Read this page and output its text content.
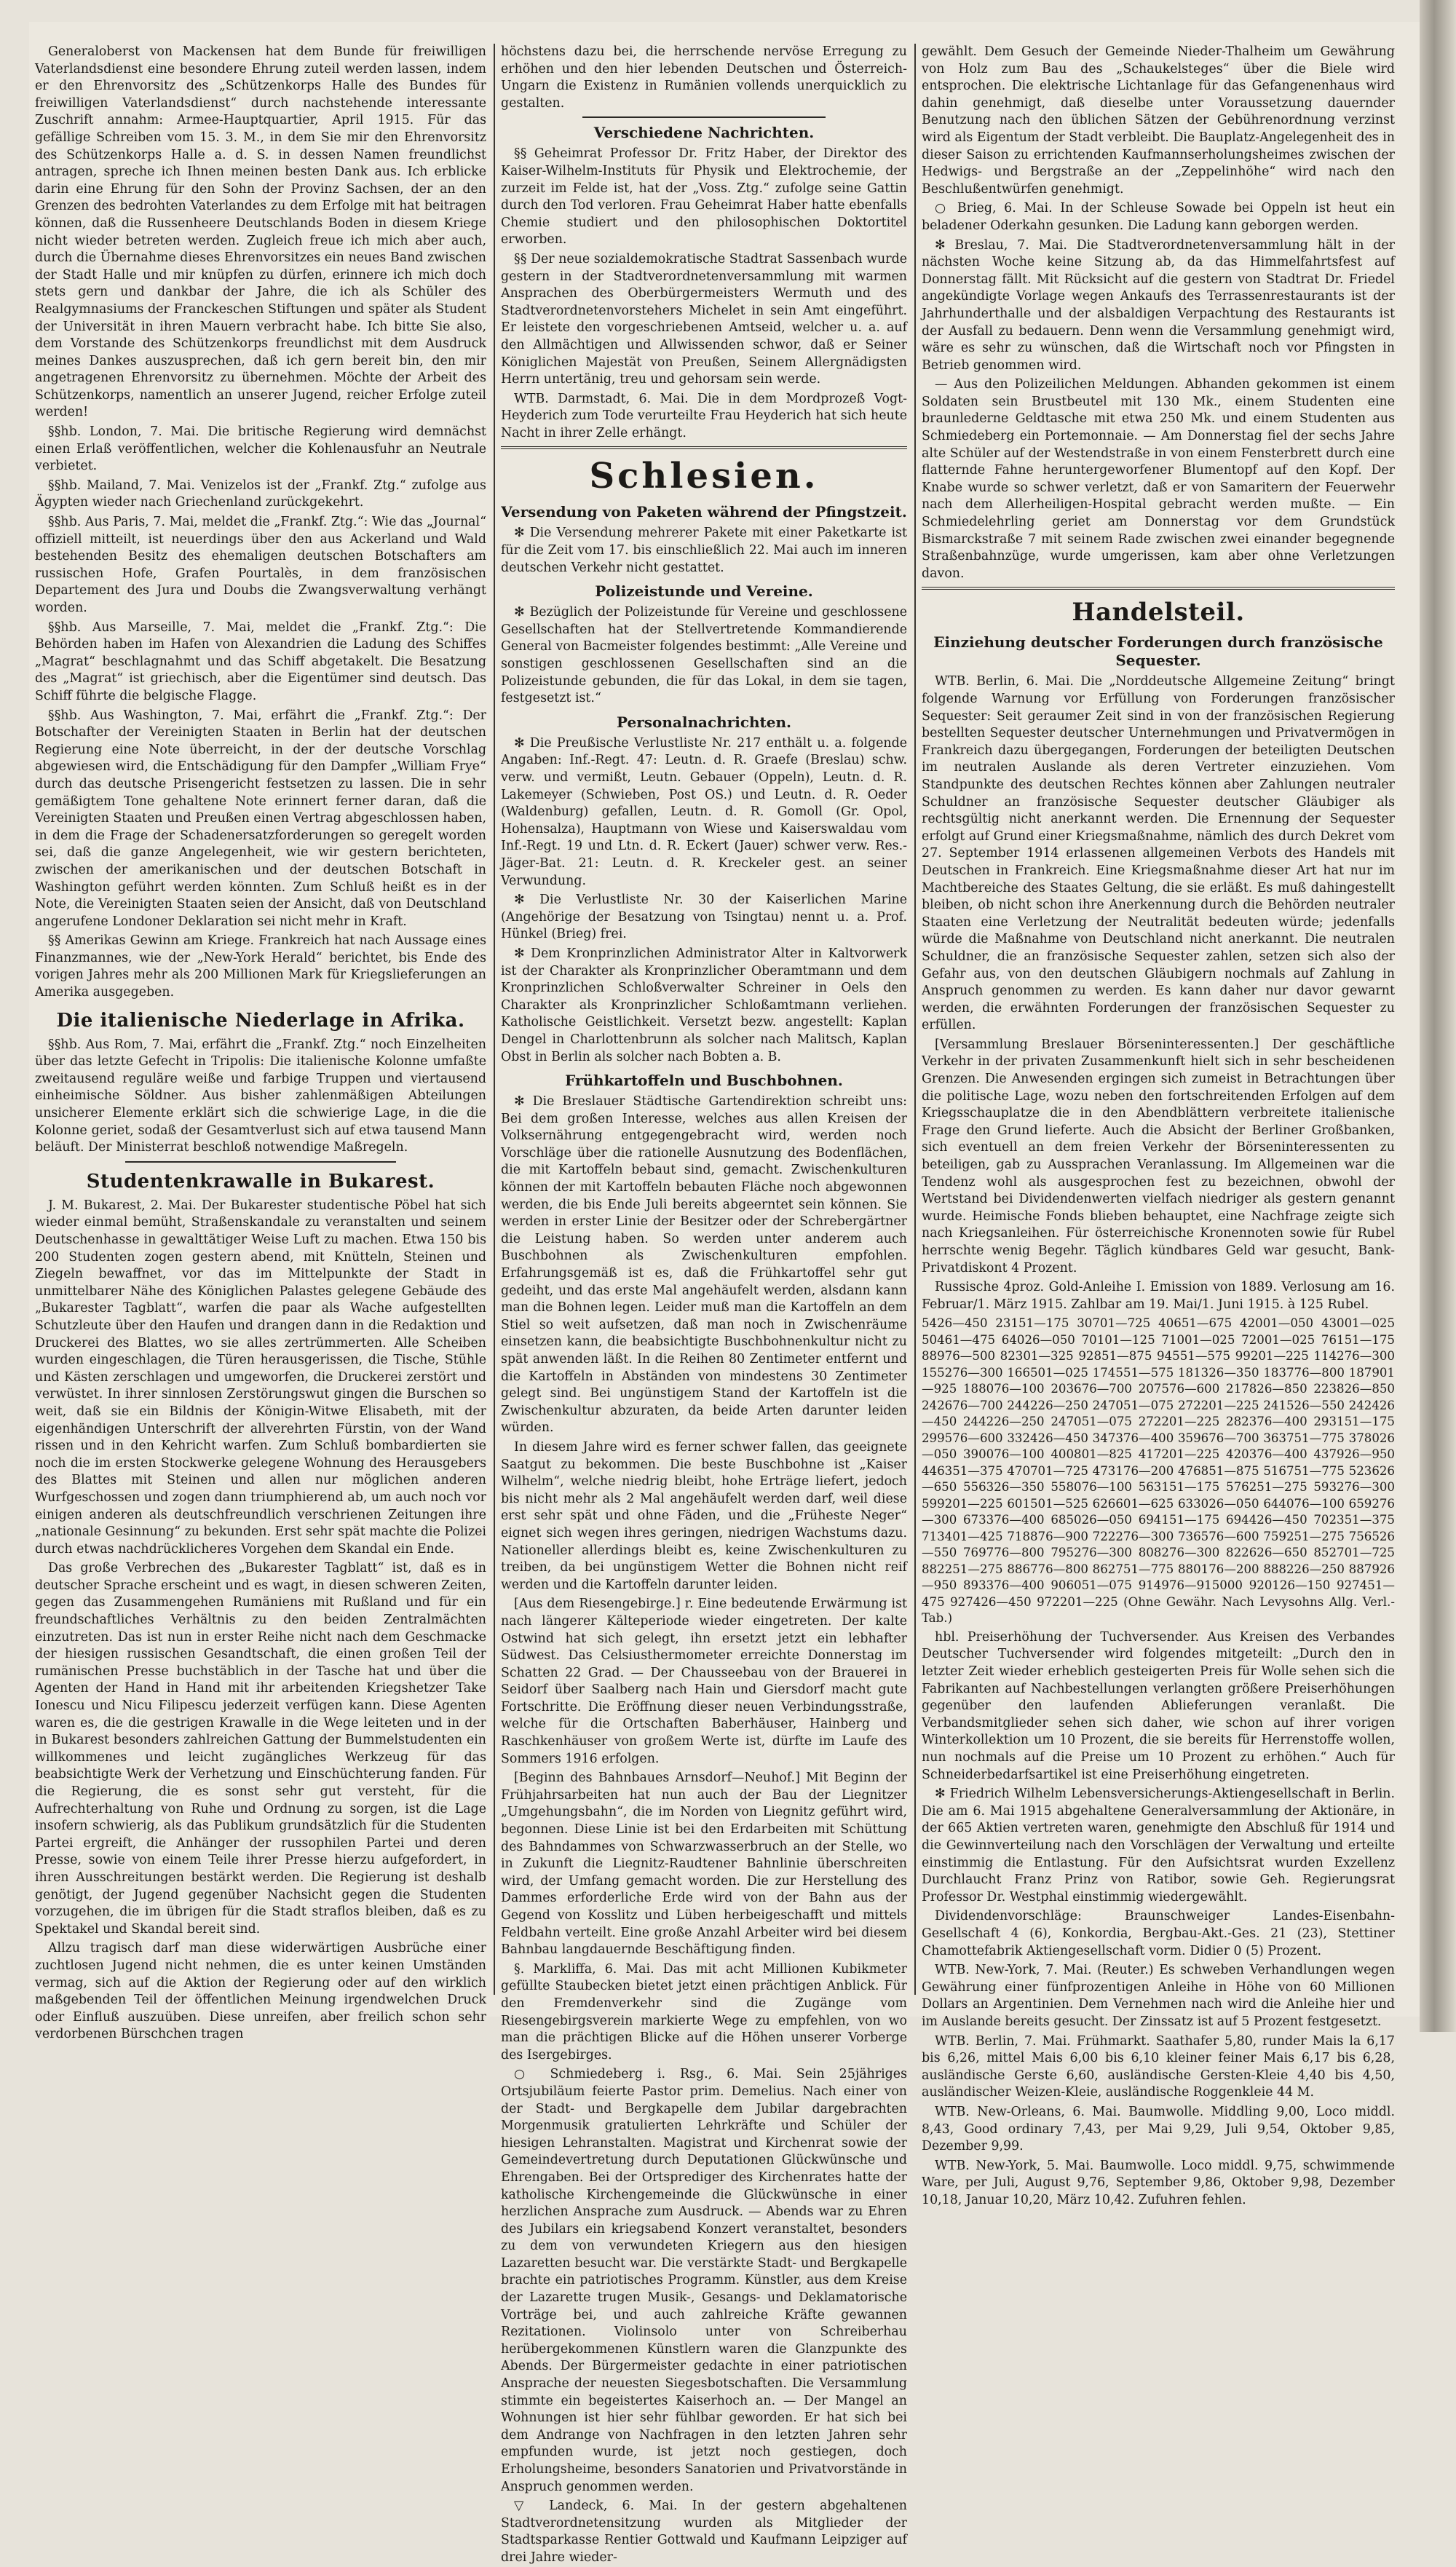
Generaloberst von Mackensen hat dem Bunde für freiwilligen Vaterlandsdienst eine besondere Ehrung zuteil werden lassen, indem er den Ehrenvorsitz des „Schützenkorps Halle des Bundes für freiwilligen Vaterlandsdienst“ durch nachstehende interessante Zuschrift annahm: Armee-Hauptquartier, April 1915. Für das gefällige Schreiben vom 15. 3. M., in dem Sie mir den Ehrenvorsitz des Schützenkorps Halle a. d. S. in dessen Namen freundlichst antragen, spreche ich Ihnen meinen besten Dank aus. Ich erblicke darin eine Ehrung für den Sohn der Provinz Sachsen, der an den Grenzen des bedrohten Vaterlandes zu dem Erfolge mit hat beitragen können, daß die Russenheere Deutschlands Boden in diesem Kriege nicht wieder betreten werden. Zugleich freue ich mich aber auch, durch die Übernahme dieses Ehrenvorsitzes ein neues Band zwischen der Stadt Halle und mir knüpfen zu dürfen, erinnere ich mich doch stets gern und dankbar der Jahre, die ich als Schüler des Realgymnasiums der Franckeschen Stiftungen und später als Student der Universität in ihren Mauern verbracht habe. Ich bitte Sie also, dem Vorstande des Schützenkorps freundlichst mit dem Ausdruck meines Dankes auszusprechen, daß ich gern bereit bin, den mir angetragenen Ehrenvorsitz zu übernehmen. Möchte der Arbeit des Schützenkorps, namentlich an unserer Jugend, reicher Erfolge zuteil werden!

§§hb. London, 7. Mai. Die britische Regierung wird demnächst einen Erlaß veröffentlichen, welcher die Kohlenausfuhr an Neutrale verbietet.

§§hb. Mailand, 7. Mai. Venizelos ist der „Frankf. Ztg.“ zufolge aus Ägypten wieder nach Griechenland zurückgekehrt.

§§hb. Aus Paris, 7. Mai, meldet die „Frankf. Ztg.“: Wie das „Journal“ offiziell mitteilt, ist neuerdings über den aus Ackerland und Wald bestehenden Besitz des ehemaligen deutschen Botschafters am russischen Hofe, Grafen Pourtalès, in dem französischen Departement des Jura und Doubs die Zwangsverwaltung verhängt worden.

§§hb. Aus Marseille, 7. Mai, meldet die „Frankf. Ztg.“: Die Behörden haben im Hafen von Alexandrien die Ladung des Schiffes „Magrat“ beschlagnahmt und das Schiff abgetakelt. Die Besatzung des „Magrat“ ist griechisch, aber die Eigentümer sind deutsch. Das Schiff führte die belgische Flagge.

§§hb. Aus Washington, 7. Mai, erfährt die „Frankf. Ztg.“: Der Botschafter der Vereinigten Staaten in Berlin hat der deutschen Regierung eine Note überreicht, in der der deutsche Vorschlag abgewiesen wird, die Entschädigung für den Dampfer „William Frye“ durch das deutsche Prisengericht festsetzen zu lassen. Die in sehr gemäßigtem Tone gehaltene Note erinnert ferner daran, daß die Vereinigten Staaten und Preußen einen Vertrag abgeschlossen haben, in dem die Frage der Schadenersatzforderungen so geregelt worden sei, daß die ganze Angelegenheit, wie wir gestern berichteten, zwischen der amerikanischen und der deutschen Botschaft in Washington geführt werden könnten. Zum Schluß heißt es in der Note, die Vereinigten Staaten seien der Ansicht, daß von Deutschland angerufene Londoner Deklaration sei nicht mehr in Kraft.

§§ Amerikas Gewinn am Kriege. Frankreich hat nach Aussage eines Finanzmannes, wie der „New-York Herald“ berichtet, bis Ende des vorigen Jahres mehr als 200 Millionen Mark für Kriegslieferungen an Amerika ausgegeben.

Die italienische Niederlage in Afrika.

§§hb. Aus Rom, 7. Mai, erfährt die „Frankf. Ztg.“ noch Einzelheiten über das letzte Gefecht in Tripolis: Die italienische Kolonne umfaßte zweitausend reguläre weiße und farbige Truppen und viertausend einheimische Söldner. Aus bisher zahlenmäßigen Abteilungen unsicherer Elemente erklärt sich die schwierige Lage, in die die Kolonne geriet, sodaß der Gesamtverlust sich auf etwa tausend Mann beläuft. Der Ministerrat beschloß notwendige Maßregeln.

Studentenkrawalle in Bukarest.

J. M. Bukarest, 2. Mai. Der Bukarester studentische Pöbel hat sich wieder einmal bemüht, Straßenskandale zu veranstalten und seinem Deutschenhasse in gewalttätiger Weise Luft zu machen. Etwa 150 bis 200 Studenten zogen gestern abend, mit Knütteln, Steinen und Ziegeln bewaffnet, vor das im Mittelpunkte der Stadt in unmittelbarer Nähe des Königlichen Palastes gelegene Gebäude des „Bukarester Tagblatt“, warfen die paar als Wache aufgestellten Schutzleute über den Haufen und drangen dann in die Redaktion und Druckerei des Blattes, wo sie alles zertrümmerten. Alle Scheiben wurden eingeschlagen, die Türen herausgerissen, die Tische, Stühle und Kästen zerschlagen und umgeworfen, die Druckerei zerstört und verwüstet. In ihrer sinnlosen Zerstörungswut gingen die Burschen so weit, daß sie ein Bildnis der Königin-Witwe Elisabeth, mit der eigenhändigen Unterschrift der allverehrten Fürstin, von der Wand rissen und in den Kehricht warfen. Zum Schluß bombardierten sie noch die im ersten Stockwerke gelegene Wohnung des Herausgebers des Blattes mit Steinen und allen nur möglichen anderen Wurfgeschossen und zogen dann triumphierend ab, um auch noch vor einigen anderen als deutschfreundlich verschrienen Zeitungen ihre „nationale Gesinnung“ zu bekunden. Erst sehr spät machte die Polizei durch etwas nachdrücklicheres Vorgehen dem Skandal ein Ende.

Das große Verbrechen des „Bukarester Tagblatt“ ist, daß es in deutscher Sprache erscheint und es wagt, in diesen schweren Zeiten, gegen das Zusammengehen Rumäniens mit Rußland und für ein freundschaftliches Verhältnis zu den beiden Zentralmächten einzutreten. Das ist nun in erster Reihe nicht nach dem Geschmacke der hiesigen russischen Gesandtschaft, die einen großen Teil der rumänischen Presse buchstäblich in der Tasche hat und über die Agenten der Hand in Hand mit ihr arbeitenden Kriegshetzer Take Ionescu und Nicu Filipescu jederzeit verfügen kann. Diese Agenten waren es, die die gestrigen Krawalle in die Wege leiteten und in der in Bukarest besonders zahlreichen Gattung der Bummelstudenten ein willkommenes und leicht zugängliches Werkzeug für das beabsichtigte Werk der Verhetzung und Einschüchterung fanden. Für die Regierung, die es sonst sehr gut versteht, für die Aufrechterhaltung von Ruhe und Ordnung zu sorgen, ist die Lage insofern schwierig, als das Publikum grundsätzlich für die Studenten Partei ergreift, die Anhänger der russophilen Partei und deren Presse, sowie von einem Teile ihrer Presse hierzu aufgefordert, in ihren Ausschreitungen bestärkt werden. Die Regierung ist deshalb genötigt, der Jugend gegenüber Nachsicht gegen die Studenten vorzugehen, die im übrigen für die Stadt straflos bleiben, daß es zu Spektakel und Skandal bereit sind.

Allzu tragisch darf man diese widerwärtigen Ausbrüche einer zuchtlosen Jugend nicht nehmen, die es unter keinen Umständen vermag, sich auf die Aktion der Regierung oder auf den wirklich maßgebenden Teil der öffentlichen Meinung irgendwelchen Druck oder Einfluß auszuüben. Diese unreifen, aber freilich schon sehr verdorbenen Bürschchen tragen

höchstens dazu bei, die herrschende nervöse Erregung zu erhöhen und den hier lebenden Deutschen und Österreich-Ungarn die Existenz in Rumänien vollends unerquicklich zu gestalten.

Verschiedene Nachrichten.

§§ Geheimrat Professor Dr. Fritz Haber, der Direktor des Kaiser-Wilhelm-Instituts für Physik und Elektrochemie, der zurzeit im Felde ist, hat der „Voss. Ztg.“ zufolge seine Gattin durch den Tod verloren. Frau Geheimrat Haber hatte ebenfalls Chemie studiert und den philosophischen Doktortitel erworben.

§§ Der neue sozialdemokratische Stadtrat Sassenbach wurde gestern in der Stadtverordnetenversammlung mit warmen Ansprachen des Oberbürgermeisters Wermuth und des Stadtverordnetenvorstehers Michelet in sein Amt eingeführt. Er leistete den vorgeschriebenen Amtseid, welcher u. a. auf den Allmächtigen und Allwissenden schwor, daß er Seiner Königlichen Majestät von Preußen, Seinem Allergnädigsten Herrn untertänig, treu und gehorsam sein werde.

WTB. Darmstadt, 6. Mai. Die in dem Mordprozeß Vogt-Heyderich zum Tode verurteilte Frau Heyderich hat sich heute Nacht in ihrer Zelle erhängt.

Schlesien.
Versendung von Paketen während der Pfingstzeit.

✻ Die Versendung mehrerer Pakete mit einer Paketkarte ist für die Zeit vom 17. bis einschließlich 22. Mai auch im inneren deutschen Verkehr nicht gestattet.

Polizeistunde und Vereine.

✻ Bezüglich der Polizeistunde für Vereine und geschlossene Gesellschaften hat der Stellvertretende Kommandierende General von Bacmeister folgendes bestimmt: „Alle Vereine und sonstigen geschlossenen Gesellschaften sind an die Polizeistunde gebunden, die für das Lokal, in dem sie tagen, festgesetzt ist.“

Personalnachrichten.

✻ Die Preußische Verlustliste Nr. 217 enthält u. a. folgende Angaben: Inf.-Regt. 47: Leutn. d. R. Graefe (Breslau) schw. verw. und vermißt, Leutn. Gebauer (Oppeln), Leutn. d. R. Lakemeyer (Schwieben, Post OS.) und Leutn. d. R. Oeder (Waldenburg) gefallen, Leutn. d. R. Gomoll (Gr. Opol, Hohensalza), Hauptmann von Wiese und Kaiserswaldau vom Inf.-Regt. 19 und Ltn. d. R. Eckert (Jauer) schwer verw. Res.-Jäger-Bat. 21: Leutn. d. R. Kreckeler gest. an seiner Verwundung.

✻ Die Verlustliste Nr. 30 der Kaiserlichen Marine (Angehörige der Besatzung von Tsingtau) nennt u. a. Prof. Hünkel (Brieg) frei.

✻ Dem Kronprinzlichen Administrator Alter in Kaltvorwerk ist der Charakter als Kronprinzlicher Oberamtmann und dem Kronprinzlichen Schloßverwalter Schreiner in Oels den Charakter als Kronprinzlicher Schloßamtmann verliehen. Katholische Geistlichkeit. Versetzt bezw. angestellt: Kaplan Dengel in Charlottenbrunn als solcher nach Malitsch, Kaplan Obst in Berlin als solcher nach Bobten a. B.

Frühkartoffeln und Buschbohnen.

✻ Die Breslauer Städtische Gartendirektion schreibt uns: Bei dem großen Interesse, welches aus allen Kreisen der Volksernährung entgegengebracht wird, werden noch Vorschläge über die rationelle Ausnutzung des Bodenflächen, die mit Kartoffeln bebaut sind, gemacht. Zwischenkulturen können der mit Kartoffeln bebauten Fläche noch abgewonnen werden, die bis Ende Juli bereits abgeerntet sein können. Sie werden in erster Linie der Besitzer oder der Schrebergärtner die Leistung haben. So werden unter anderem auch Buschbohnen als Zwischenkulturen empfohlen. Erfahrungsgemäß ist es, daß die Frühkartoffel sehr gut gedeiht, und das erste Mal angehäufelt werden, alsdann kann man die Bohnen legen. Leider muß man die Kartoffeln an dem Stiel so weit aufsetzen, daß man noch in Zwischenräume einsetzen kann, die beabsichtigte Buschbohnenkultur nicht zu spät anwenden läßt. In die Reihen 80 Zentimeter entfernt und die Kartoffeln in Abständen von mindestens 30 Zentimeter gelegt sind. Bei ungünstigem Stand der Kartoffeln ist die Zwischenkultur abzuraten, da beide Arten darunter leiden würden.

In diesem Jahre wird es ferner schwer fallen, das geeignete Saatgut zu bekommen. Die beste Buschbohne ist „Kaiser Wilhelm“, welche niedrig bleibt, hohe Erträge liefert, jedoch bis nicht mehr als 2 Mal angehäufelt werden darf, weil diese erst sehr spät und ohne Fäden, und die „Früheste Neger“ eignet sich wegen ihres geringen, niedrigen Wachstums dazu. Nationeller allerdings bleibt es, keine Zwischenkulturen zu treiben, da bei ungünstigem Wetter die Bohnen nicht reif werden und die Kartoffeln darunter leiden.

[Aus dem Riesengebirge.] r. Eine bedeutende Erwärmung ist nach längerer Kälteperiode wieder eingetreten. Der kalte Ostwind hat sich gelegt, ihn ersetzt jetzt ein lebhafter Südwest. Das Celsiusthermometer erreichte Donnerstag im Schatten 22 Grad. — Der Chausseebau von der Brauerei in Seidorf über Saalberg nach Hain und Giersdorf macht gute Fortschritte. Die Eröffnung dieser neuen Verbindungsstraße, welche für die Ortschaften Baberhäuser, Hainberg und Raschkenhäuser von großem Werte ist, dürfte im Laufe des Sommers 1916 erfolgen.

[Beginn des Bahnbaues Arnsdorf—Neuhof.] Mit Beginn der Frühjahrsarbeiten hat nun auch der Bau der Liegnitzer „Umgehungsbahn“, die im Norden von Liegnitz geführt wird, begonnen. Diese Linie ist bei den Erdarbeiten mit Schüttung des Bahndammes von Schwarzwasserbruch an der Stelle, wo in Zukunft die Liegnitz-Raudtener Bahnlinie überschreiten wird, der Umfang gemacht worden. Die zur Herstellung des Dammes erforderliche Erde wird von der Bahn aus der Gegend von Kosslitz und Lüben herbeigeschafft und mittels Feldbahn verteilt. Eine große Anzahl Arbeiter wird bei diesem Bahnbau langdauernde Beschäftigung finden.

§. Markliffa, 6. Mai. Das mit acht Millionen Kubikmeter gefüllte Staubecken bietet jetzt einen prächtigen Anblick. Für den Fremdenverkehr sind die Zugänge vom Riesengebirgsverein markierte Wege zu empfehlen, von wo man die prächtigen Blicke auf die Höhen unserer Vorberge des Isergebirges.

○ Schmiedeberg i. Rsg., 6. Mai. Sein 25jähriges Ortsjubiläum feierte Pastor prim. Demelius. Nach einer von der Stadt- und Bergkapelle dem Jubilar dargebrachten Morgenmusik gratulierten Lehrkräfte und Schüler der hiesigen Lehranstalten. Magistrat und Kirchenrat sowie der Gemeindevertretung durch Deputationen Glückwünsche und Ehrengaben. Bei der Ortsprediger des Kirchenrates hatte der katholische Kirchengemeinde die Glückwünsche in einer herzlichen Ansprache zum Ausdruck. — Abends war zu Ehren des Jubilars ein kriegsabend Konzert veranstaltet, besonders zu dem von verwundeten Kriegern aus den hiesigen Lazaretten besucht war. Die verstärkte Stadt- und Bergkapelle brachte ein patriotisches Programm. Künstler, aus dem Kreise der Lazarette trugen Musik-, Gesangs- und Deklamatorische Vorträge bei, und auch zahlreiche Kräfte gewannen Rezitationen. Violinsolo unter von Schreiberhau herübergekommenen Künstlern waren die Glanzpunkte des Abends. Der Bürgermeister gedachte in einer patriotischen Ansprache der neuesten Siegesbotschaften. Die Versammlung stimmte ein begeistertes Kaiserhoch an. — Der Mangel an Wohnungen ist hier sehr fühlbar geworden. Er hat sich bei dem Andrange von Nachfragen in den letzten Jahren sehr empfunden wurde, ist jetzt noch gestiegen, doch Erholungsheime, besonders Sanatorien und Privatvorstände in Anspruch genommen werden.

▽ Landeck, 6. Mai. In der gestern abgehaltenen Stadtverordnetensitzung wurden als Mitglieder der Stadtsparkasse Rentier Gottwald und Kaufmann Leipziger auf drei Jahre wieder-

gewählt. Dem Gesuch der Gemeinde Nieder-Thalheim um Gewährung von Holz zum Bau des „Schaukelsteges“ über die Biele wird entsprochen. Die elektrische Lichtanlage für das Gefangenenhaus wird dahin genehmigt, daß dieselbe unter Voraussetzung dauernder Benutzung nach den üblichen Sätzen der Gebührenordnung verzinst wird als Eigentum der Stadt verbleibt. Die Bauplatz-Angelegenheit des in dieser Saison zu errichtenden Kaufmannserholungsheimes zwischen der Hedwigs- und Bergstraße an der „Zeppelinhöhe“ wird nach den Beschlußentwürfen genehmigt.

○ Brieg, 6. Mai. In der Schleuse Sowade bei Oppeln ist heut ein beladener Oderkahn gesunken. Die Ladung kann geborgen werden.

✻ Breslau, 7. Mai. Die Stadtverordnetenversammlung hält in der nächsten Woche keine Sitzung ab, da das Himmelfahrtsfest auf Donnerstag fällt. Mit Rücksicht auf die gestern von Stadtrat Dr. Friedel angekündigte Vorlage wegen Ankaufs des Terrassenrestaurants ist der Jahrhunderthalle und der alsbaldigen Verpachtung des Restaurants ist der Ausfall zu bedauern. Denn wenn die Versammlung genehmigt wird, wäre es sehr zu wünschen, daß die Wirtschaft noch vor Pfingsten in Betrieb genommen wird.

— Aus den Polizeilichen Meldungen. Abhanden gekommen ist einem Soldaten sein Brustbeutel mit 130 Mk., einem Studenten eine braunlederne Geldtasche mit etwa 250 Mk. und einem Studenten aus Schmiedeberg ein Portemonnaie. — Am Donnerstag fiel der sechs Jahre alte Schüler auf der Westendstraße in von einem Fensterbrett durch eine flatternde Fahne heruntergeworfener Blumentopf auf den Kopf. Der Knabe wurde so schwer verletzt, daß er von Samaritern der Feuerwehr nach dem Allerheiligen-Hospital gebracht werden mußte. — Ein Schmiedelehrling geriet am Donnerstag vor dem Grundstück Bismarckstraße 7 mit seinem Rade zwischen zwei einander begegnende Straßenbahnzüge, wurde umgerissen, kam aber ohne Verletzungen davon.

Handelsteil.
Einziehung deutscher Forderungen durch französische Sequester.

WTB. Berlin, 6. Mai. Die „Norddeutsche Allgemeine Zeitung“ bringt folgende Warnung vor Erfüllung von Forderungen französischer Sequester: Seit geraumer Zeit sind in von der französischen Regierung bestellten Sequester deutscher Unternehmungen und Privatvermögen in Frankreich dazu übergegangen, Forderungen der beteiligten Deutschen im neutralen Auslande als deren Vertreter einzuziehen. Vom Standpunkte des deutschen Rechtes können aber Zahlungen neutraler Schuldner an französische Sequester deutscher Gläubiger als rechtsgültig nicht anerkannt werden. Die Ernennung der Sequester erfolgt auf Grund einer Kriegsmaßnahme, nämlich des durch Dekret vom 27. September 1914 erlassenen allgemeinen Verbots des Handels mit Deutschen in Frankreich. Eine Kriegsmaßnahme dieser Art hat nur im Machtbereiche des Staates Geltung, die sie erläßt. Es muß dahingestellt bleiben, ob nicht schon ihre Anerkennung durch die Behörden neutraler Staaten eine Verletzung der Neutralität bedeuten würde; jedenfalls würde die Maßnahme von Deutschland nicht anerkannt. Die neutralen Schuldner, die an französische Sequester zahlen, setzen sich also der Gefahr aus, von den deutschen Gläubigern nochmals auf Zahlung in Anspruch genommen zu werden. Es kann daher nur davor gewarnt werden, die erwähnten Forderungen der französischen Sequester zu erfüllen.

[Versammlung Breslauer Börseninteressenten.] Der geschäftliche Verkehr in der privaten Zusammenkunft hielt sich in sehr bescheidenen Grenzen. Die Anwesenden ergingen sich zumeist in Betrachtungen über die politische Lage, wozu neben den fortschreitenden Erfolgen auf dem Kriegsschauplatze die in den Abendblättern verbreitete italienische Frage den Grund lieferte. Auch die Absicht der Berliner Großbanken, sich eventuell an dem freien Verkehr der Börseninteressenten zu beteiligen, gab zu Aussprachen Veranlassung. Im Allgemeinen war die Tendenz wohl als ausgesprochen fest zu bezeichnen, obwohl der Wertstand bei Dividendenwerten vielfach niedriger als gestern genannt wurde. Heimische Fonds blieben behauptet, eine Nachfrage zeigte sich nach Kriegsanleihen. Für österreichische Kronennoten sowie für Rubel herrschte wenig Begehr. Täglich kündbares Geld war gesucht, Bank-Privatdiskont 4 Prozent.

Russische 4proz. Gold-Anleihe I. Emission von 1889. Verlosung am 16. Februar/1. März 1915. Zahlbar am 19. Mai/1. Juni 1915. à 125 Rubel.

5426—450 23151—175 30701—725 40651—675 42001—050 43001—025 50461—475 64026—050 70101—125 71001—025 72001—025 76151—175 88976—500 82301—325 92851—875 94551—575 99201—225 114276—300 155276—300 166501—025 174551—575 181326—350 183776—800 187901—925 188076—100 203676—700 207576—600 217826—850 223826—850 242676—700 244226—250 247051—075 272201—225 241526—550 242426—450 244226—250 247051—075 272201—225 282376—400 293151—175 299576—600 332426—450 347376—400 359676—700 363751—775 378026—050 390076—100 400801—825 417201—225 420376—400 437926—950 446351—375 470701—725 473176—200 476851—875 516751—775 523626—650 556326—350 558076—100 563151—175 576251—275 593276—300 599201—225 601501—525 626601—625 633026—050 644076—100 659276—300 673376—400 685026—050 694151—175 694426—450 702351—375 713401—425 718876—900 722276—300 736576—600 759251—275 756526—550 769776—800 795276—300 808276—300 822626—650 852701—725 882251—275 886776—800 862751—775 880176—200 888226—250 887926—950 893376—400 906051—075 914976—915000 920126—150 927451—475 927426—450 972201—225 (Ohne Gewähr. Nach Levysohns Allg. Verl.-Tab.)

hbl. Preiserhöhung der Tuchversender. Aus Kreisen des Verbandes Deutscher Tuchversender wird folgendes mitgeteilt: „Durch den in letzter Zeit wieder erheblich gesteigerten Preis für Wolle sehen sich die Fabrikanten auf Nachbestellungen verlangten größere Preiserhöhungen gegenüber den laufenden Ablieferungen veranlaßt. Die Verbandsmitglieder sehen sich daher, wie schon auf ihrer vorigen Winterkollektion um 10 Prozent, die sie bereits für Herrenstoffe wollen, nun nochmals auf die Preise um 10 Prozent zu erhöhen.“ Auch für Schneiderbedarfsartikel ist eine Preiserhöhung eingetreten.

✻ Friedrich Wilhelm Lebensversicherungs-Aktiengesellschaft in Berlin. Die am 6. Mai 1915 abgehaltene Generalversammlung der Aktionäre, in der 665 Aktien vertreten waren, genehmigte den Abschluß für 1914 und die Gewinnverteilung nach den Vorschlägen der Verwaltung und erteilte einstimmig die Entlastung. Für den Aufsichtsrat wurden Exzellenz Durchlaucht Franz Prinz von Ratibor, sowie Geh. Regierungsrat Professor Dr. Westphal einstimmig wiedergewählt.

Dividendenvorschläge: Braunschweiger Landes-Eisenbahn-Gesellschaft 4 (6), Konkordia, Bergbau-Akt.-Ges. 21 (23), Stettiner Chamottefabrik Aktiengesellschaft vorm. Didier 0 (5) Prozent.

WTB. New-York, 7. Mai. (Reuter.) Es schweben Verhandlungen wegen Gewährung einer fünfprozentigen Anleihe in Höhe von 60 Millionen Dollars an Argentinien. Dem Vernehmen nach wird die Anleihe hier und im Auslande bereits gesucht. Der Zinssatz ist auf 5 Prozent festgesetzt.

WTB. Berlin, 7. Mai. Frühmarkt. Saathafer 5,80, runder Mais la 6,17 bis 6,26, mittel Mais 6,00 bis 6,10 kleiner feiner Mais 6,17 bis 6,28, ausländische Gerste 6,60, ausländische Gersten-Kleie 4,40 bis 4,50, ausländischer Weizen-Kleie, ausländische Roggenkleie 44 M.

WTB. New-Orleans, 6. Mai. Baumwolle. Middling 9,00, Loco middl. 8,43, Good ordinary 7,43, per Mai 9,29, Juli 9,54, Oktober 9,85, Dezember 9,99.

WTB. New-York, 5. Mai. Baumwolle. Loco middl. 9,75, schwimmende Ware, per Juli, August 9,76, September 9,86, Oktober 9,98, Dezember 10,18, Januar 10,20, März 10,42. Zufuhren fehlen.
